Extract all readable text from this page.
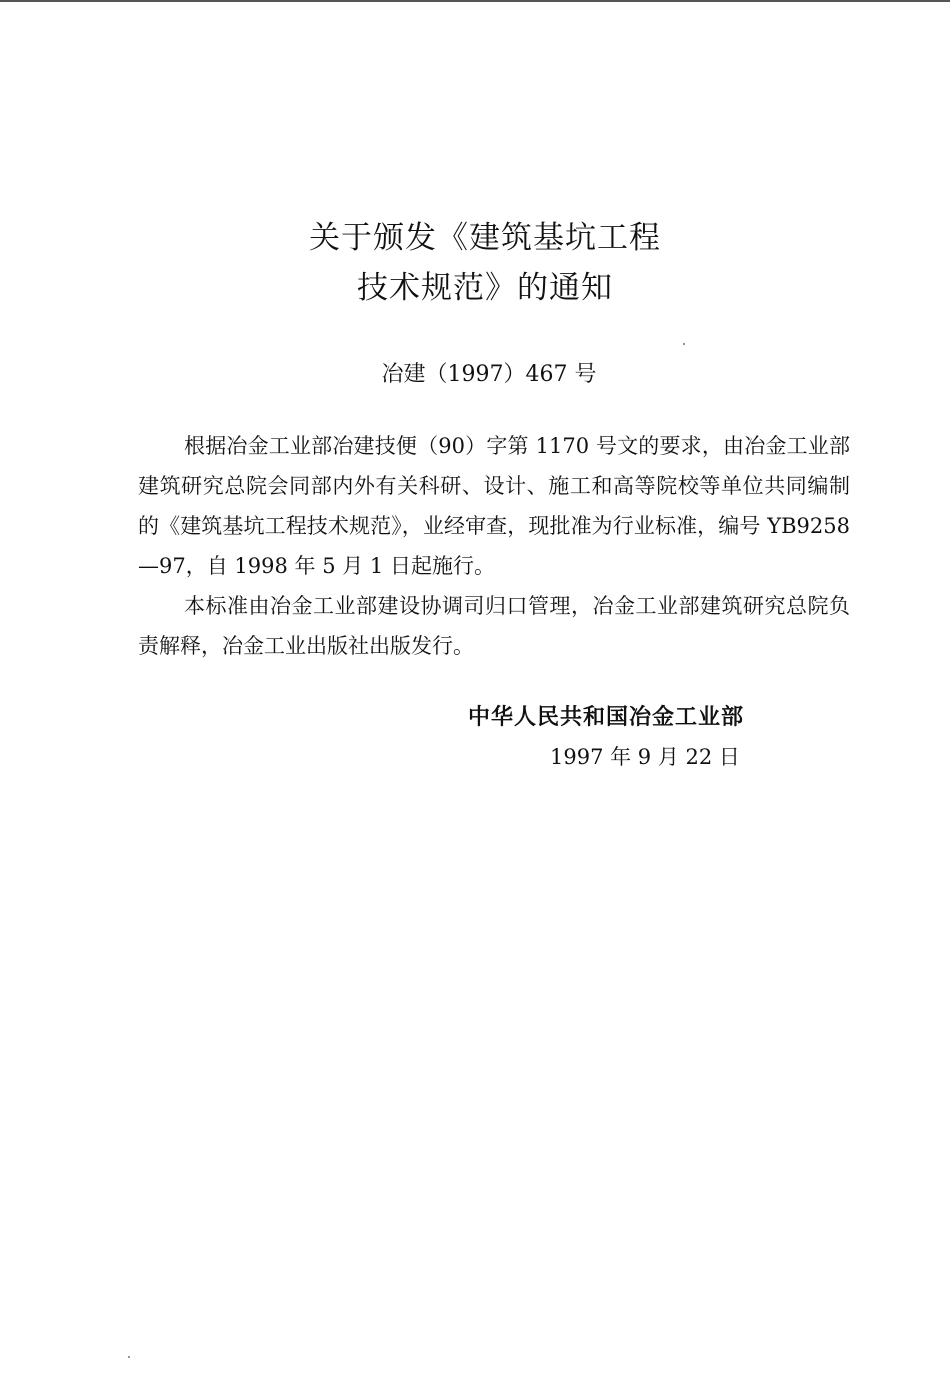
关于颁发《建筑基坑工程
技术规范》的通知
冶建（1997）467 号

根据冶金工业部冶建技便（90）字第 1170 号文的要求，由冶金工业部建筑研究总院会同部内外有关科研、设计、施工和高等院校等单位共同编制的《建筑基坑工程技术规范》，业经审查，现批准为行业标准，编号 YB9258—97，自 1998 年 5 月 1 日起施行。

本标准由冶金工业部建设协调司归口管理，冶金工业部建筑研究总院负责解释，冶金工业出版社出版发行。

中华人民共和国冶金工业部
1997 年 9 月 22 日
